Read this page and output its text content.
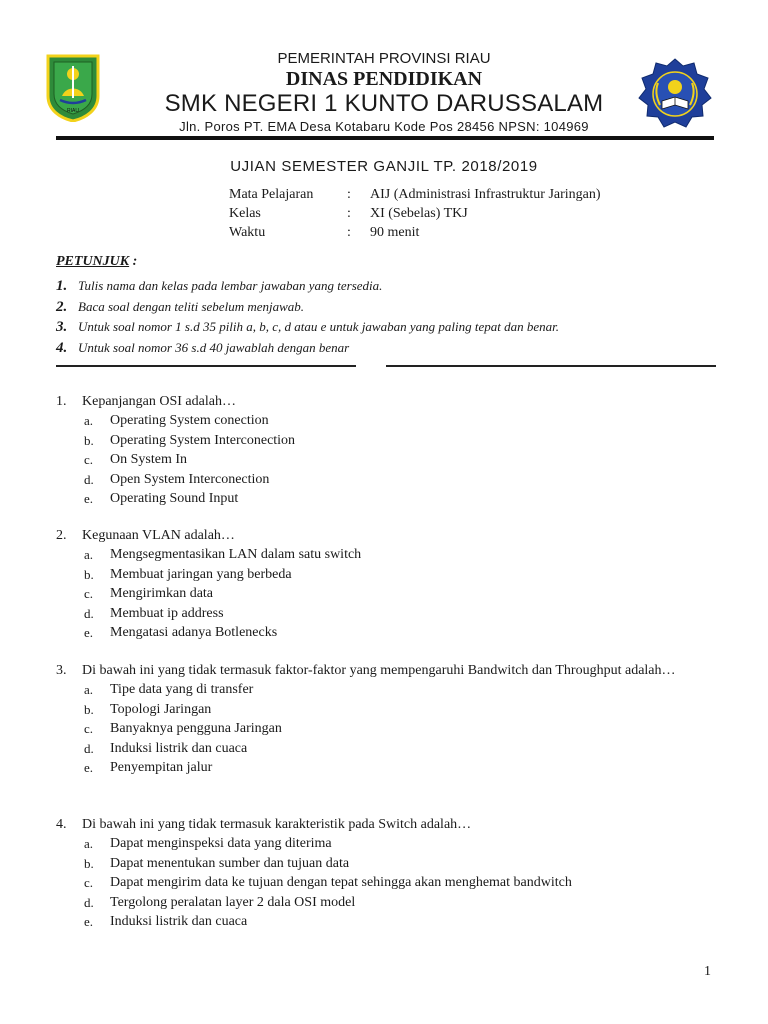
RIAU
PEMERINTAH PROVINSI RIAU
DINAS PENDIDIKAN
SMK NEGERI 1 KUNTO DARUSSALAM
Jln. Poros PT. EMA Desa Kotabaru Kode Pos 28456 NPSN: 104969
UJIAN SEMESTER GANJIL TP. 2018/2019
Mata Pelajaran	:	AIJ (Administrasi Infrastruktur Jaringan)
Kelas	:	XI (Sebelas) TKJ
Waktu	:	90 menit
PETUNJUK :
1. Tulis nama dan kelas pada lembar jawaban yang tersedia.
2. Baca soal dengan teliti sebelum menjawab.
3. Untuk soal nomor 1 s.d 35 pilih a, b, c, d atau e untuk jawaban yang paling tepat dan benar.
4. Untuk soal nomor 36 s.d 40 jawablah dengan benar
1.	Kepanjangan OSI adalah…
a.	Operating System conection
b.	Operating System Interconection
c.	On System In
d.	Open System Interconection
e.	Operating Sound Input
2.	Kegunaan VLAN adalah…
a.	Mengsegmentasikan LAN dalam satu switch
b.	Membuat jaringan yang berbeda
c.	Mengirimkan data
d.	Membuat ip address
e.	Mengatasi adanya Botlenecks
3.	Di bawah ini yang tidak termasuk faktor-faktor yang mempengaruhi Bandwitch dan Throughput adalah…
a.	Tipe data yang di transfer
b.	Topologi Jaringan
c.	Banyaknya pengguna Jaringan
d.	Induksi listrik dan cuaca
e.	Penyempitan jalur
4.	Di bawah ini yang tidak termasuk karakteristik pada Switch adalah…
a.	Dapat menginspeksi data yang diterima
b.	Dapat menentukan sumber dan tujuan data
c.	Dapat mengirim data ke tujuan dengan tepat sehingga akan menghemat bandwitch
d.	Tergolong peralatan layer 2 dala OSI model
e.	Induksi listrik dan cuaca
1
